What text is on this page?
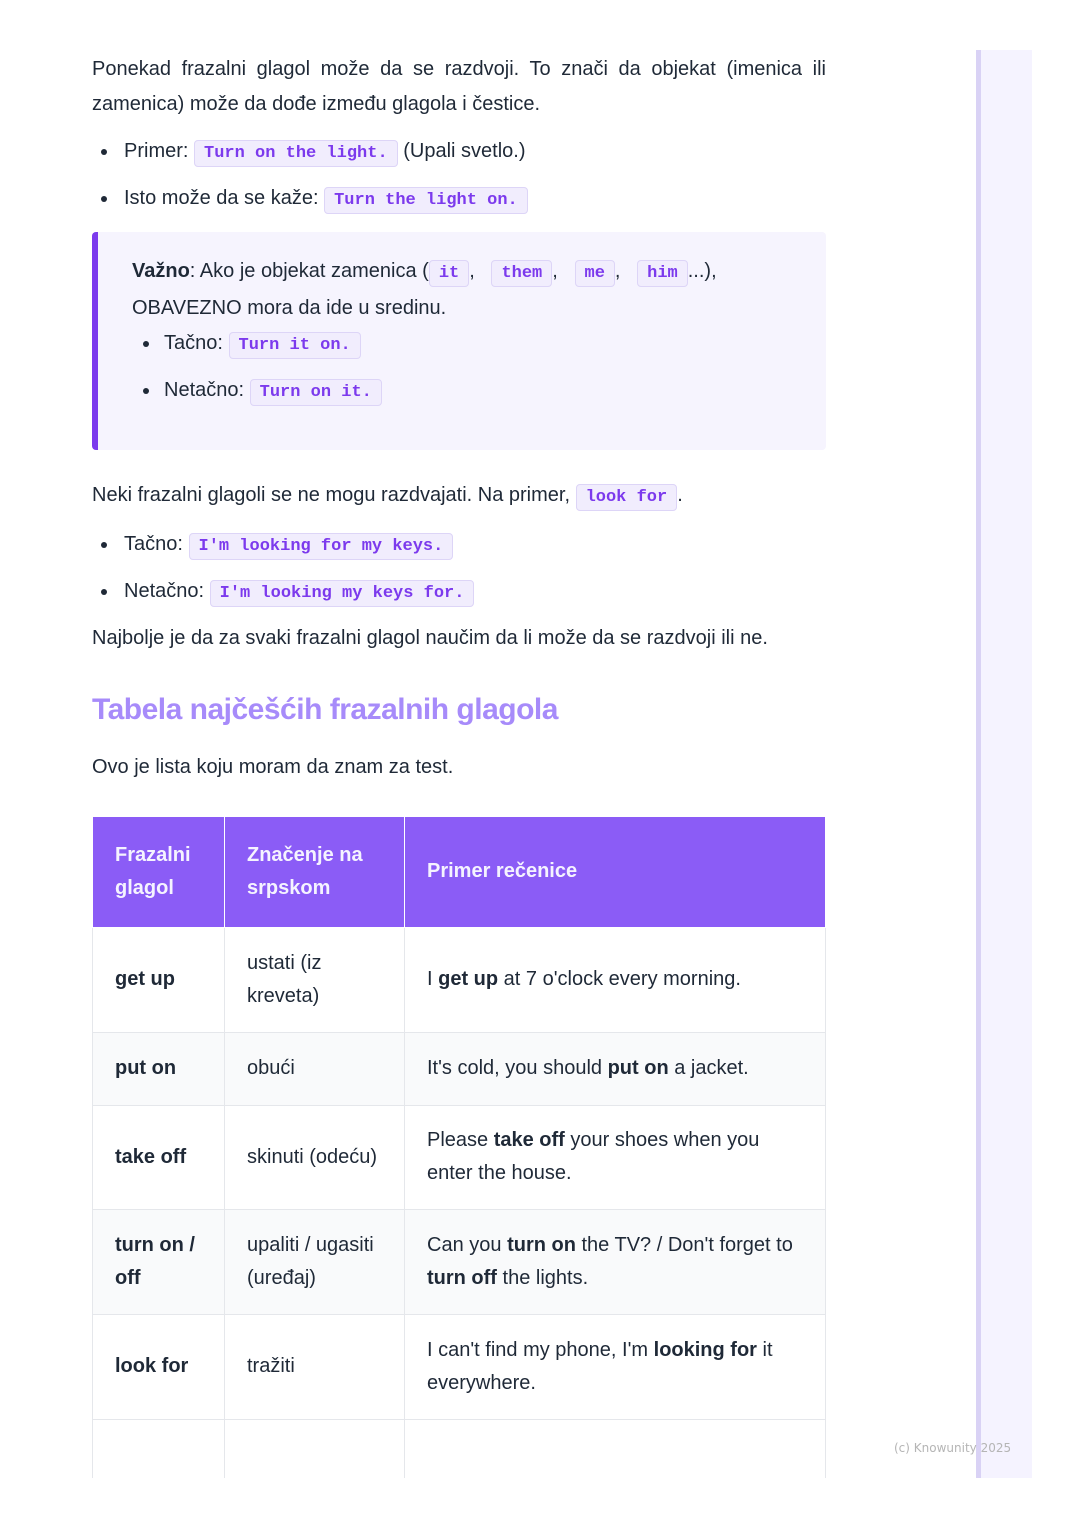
Ponekad frazalni glagol može da se razdvoji. To znači da objekat (imenica ili zamenica) može da dođe između glagola i čestice.

Primer: Turn on the light. (Upali svetlo.)
Isto može da se kaže: Turn the light on.

Važno: Ako je objekat zamenica ( it ,   them ,   me ,   him ...),

OBAVEZNO mora da ide u sredinu.

Tačno: Turn it on.
Netačno: Turn on it.

Neki frazalni glagoli se ne mogu razdvajati. Na primer, look for .

Tačno: I'm looking for my keys.
Netačno: I'm looking my keys for.

Najbolje je da za svaki frazalni glagol naučim da li može da se razdvoji ili ne.

Tabela najčešćih frazalnih glagola

Ovo je lista koju moram da znam za test.

Frazalni glagol	Značenje na srpskom	Primer rečenice
get up	ustati (iz kreveta)	I get up at 7 o'clock every morning.
put on	obući	It's cold, you should put on a jacket.
take off	skinuti (odeću)	Please take off your shoes when you enter the house.
turn on / off	upaliti / ugasiti (uređaj)	Can you turn on the TV? / Don't forget to turn off the lights.
look for	tražiti	I can't find my phone, I'm looking for it everywhere.

(c) Knowunity 2025
